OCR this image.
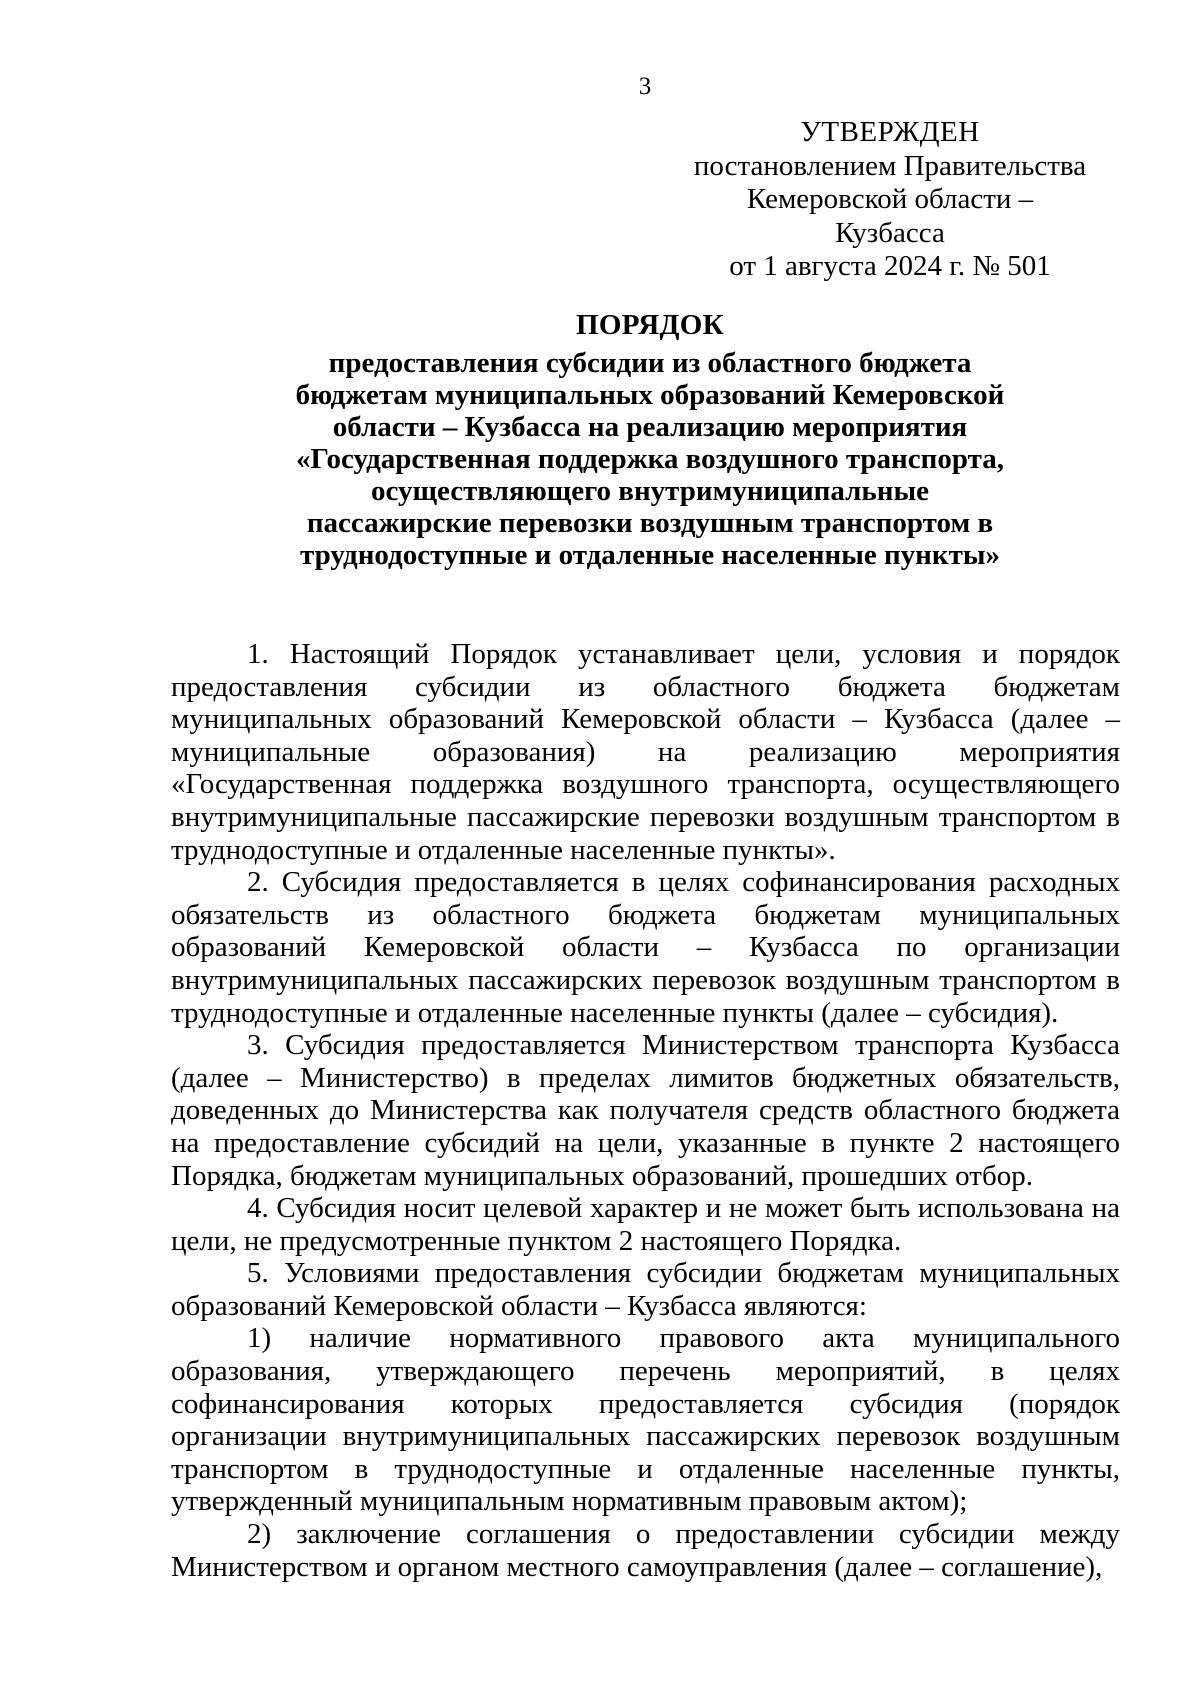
3
УТВЕРЖДЕН
постановлением Правительства
Кемеровской области – Кузбасса
от 1 августа 2024 г. № 501
ПОРЯДОК
предоставления субсидии из областного бюджета
бюджетам муниципальных образований Кемеровской
области – Кузбасса на реализацию мероприятия
«Государственная поддержка воздушного транспорта,
осуществляющего внутримуниципальные
пассажирские перевозки воздушным транспортом в
труднодоступные и отдаленные населенные пункты»

1. Настоящий Порядок устанавливает цели, условия и порядок предоставления субсидии из областного бюджета бюджетам муниципальных образований Кемеровской области – Кузбасса (далее – муниципальные образования) на реализацию мероприятия «Государственная поддержка воздушного транспорта, осуществляющего внутримуниципальные пассажирские перевозки воздушным транспортом в труднодоступные и отдаленные населенные пункты».

2. Субсидия предоставляется в целях софинансирования расходных обязательств из областного бюджета бюджетам муниципальных образований Кемеровской области – Кузбасса по организации внутримуниципальных пассажирских перевозок воздушным транспортом в труднодоступные и отдаленные населенные пункты (далее – субсидия).

3. Субсидия предоставляется Министерством транспорта Кузбасса (далее – Министерство) в пределах лимитов бюджетных обязательств, доведенных до Министерства как получателя средств областного бюджета на предоставление субсидий на цели, указанные в пункте 2 настоящего Порядка, бюджетам муниципальных образований, прошедших отбор.

4. Субсидия носит целевой характер и не может быть использована на цели, не предусмотренные пунктом 2 настоящего Порядка.

5. Условиями предоставления субсидии бюджетам муниципальных образований Кемеровской области – Кузбасса являются:

1) наличие нормативного правового акта муниципального образования, утверждающего перечень мероприятий, в целях софинансирования которых предоставляется субсидия (порядок организации внутримуниципальных пассажирских перевозок воздушным транспортом в труднодоступные и отдаленные населенные пункты, утвержденный муниципальным нормативным правовым актом);

2) заключение соглашения о предоставлении субсидии между Министерством и органом местного самоуправления (далее – соглашение),
